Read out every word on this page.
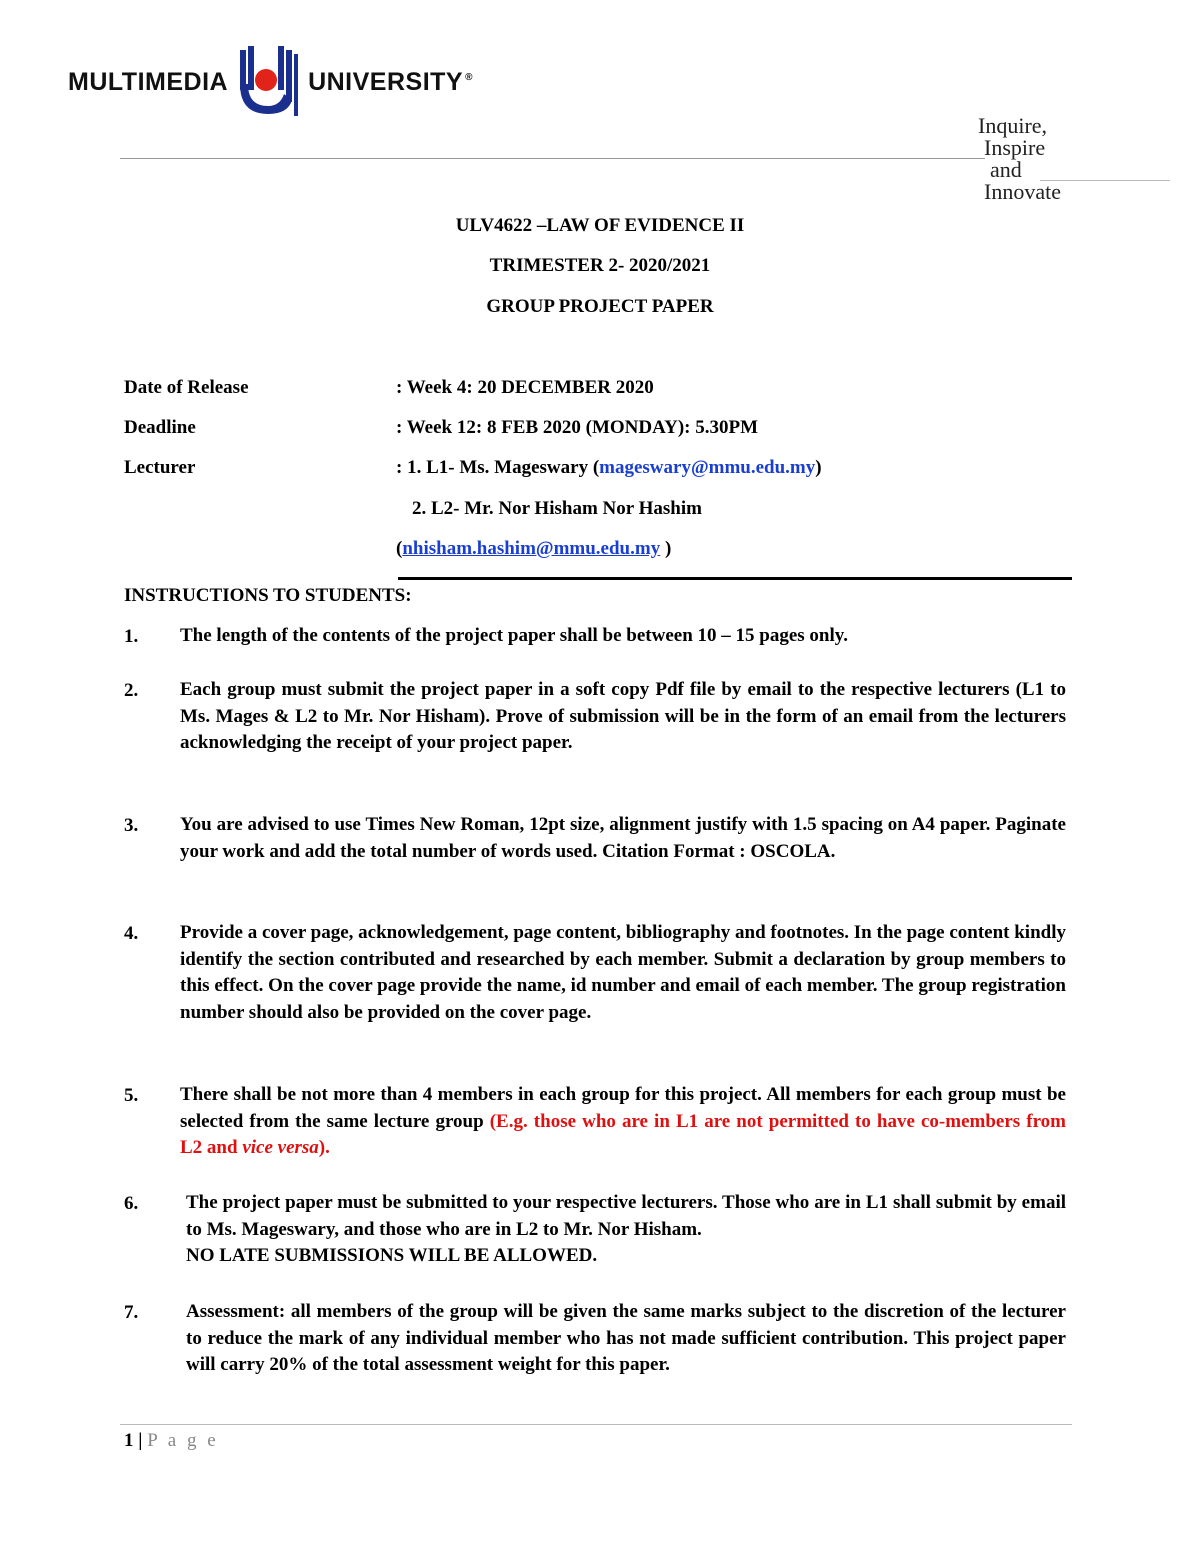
MULTIMEDIA	UNIVERSITY ®
Inquire,
Inspire
and
Innovate
ULV4622 –LAW OF EVIDENCE II
TRIMESTER 2- 2020/2021
GROUP PROJECT PAPER
Date of Release	: Week 4: 20 DECEMBER 2020
Deadline	: Week 12: 8 FEB 2020 (MONDAY): 5.30PM
Lecturer	: 1. L1- Ms. Mageswary (mageswary@mmu.edu.my)
2. L2- Mr. Nor Hisham Nor Hashim
(nhisham.hashim@mmu.edu.my )
INSTRUCTIONS TO STUDENTS:
1. The length of the contents of the project paper shall be between 10 – 15 pages only.
2. Each group must submit the project paper in a soft copy Pdf file by email to the respective lecturers (L1 to Ms. Mages & L2 to Mr. Nor Hisham). Prove of submission will be in the form of an email from the lecturers acknowledging the receipt of your project paper.
3. You are advised to use Times New Roman, 12pt size, alignment justify with 1.5 spacing on A4 paper. Paginate your work and add the total number of words used. Citation Format : OSCOLA.
4. Provide a cover page, acknowledgement, page content, bibliography and footnotes. In the page content kindly identify the section contributed and researched by each member. Submit a declaration by group members to this effect. On the cover page provide the name, id number and email of each member. The group registration number should also be provided on the cover page.
5. There shall be not more than 4 members in each group for this project. All members for each group must be selected from the same lecture group (E.g. those who are in L1 are not permitted to have co-members from L2 and vice versa).
6.	The project paper must be submitted to your respective lecturers. Those who are in L1 shall submit by email to Ms. Mageswary, and those who are in L2 to Mr. Nor Hisham.
NO LATE SUBMISSIONS WILL BE ALLOWED.
7.	Assessment: all members of the group will be given the same marks subject to the discretion of the lecturer to reduce the mark of any individual member who has not made sufficient contribution. This project paper will carry 20% of the total assessment weight for this paper.
1 | P a g e
